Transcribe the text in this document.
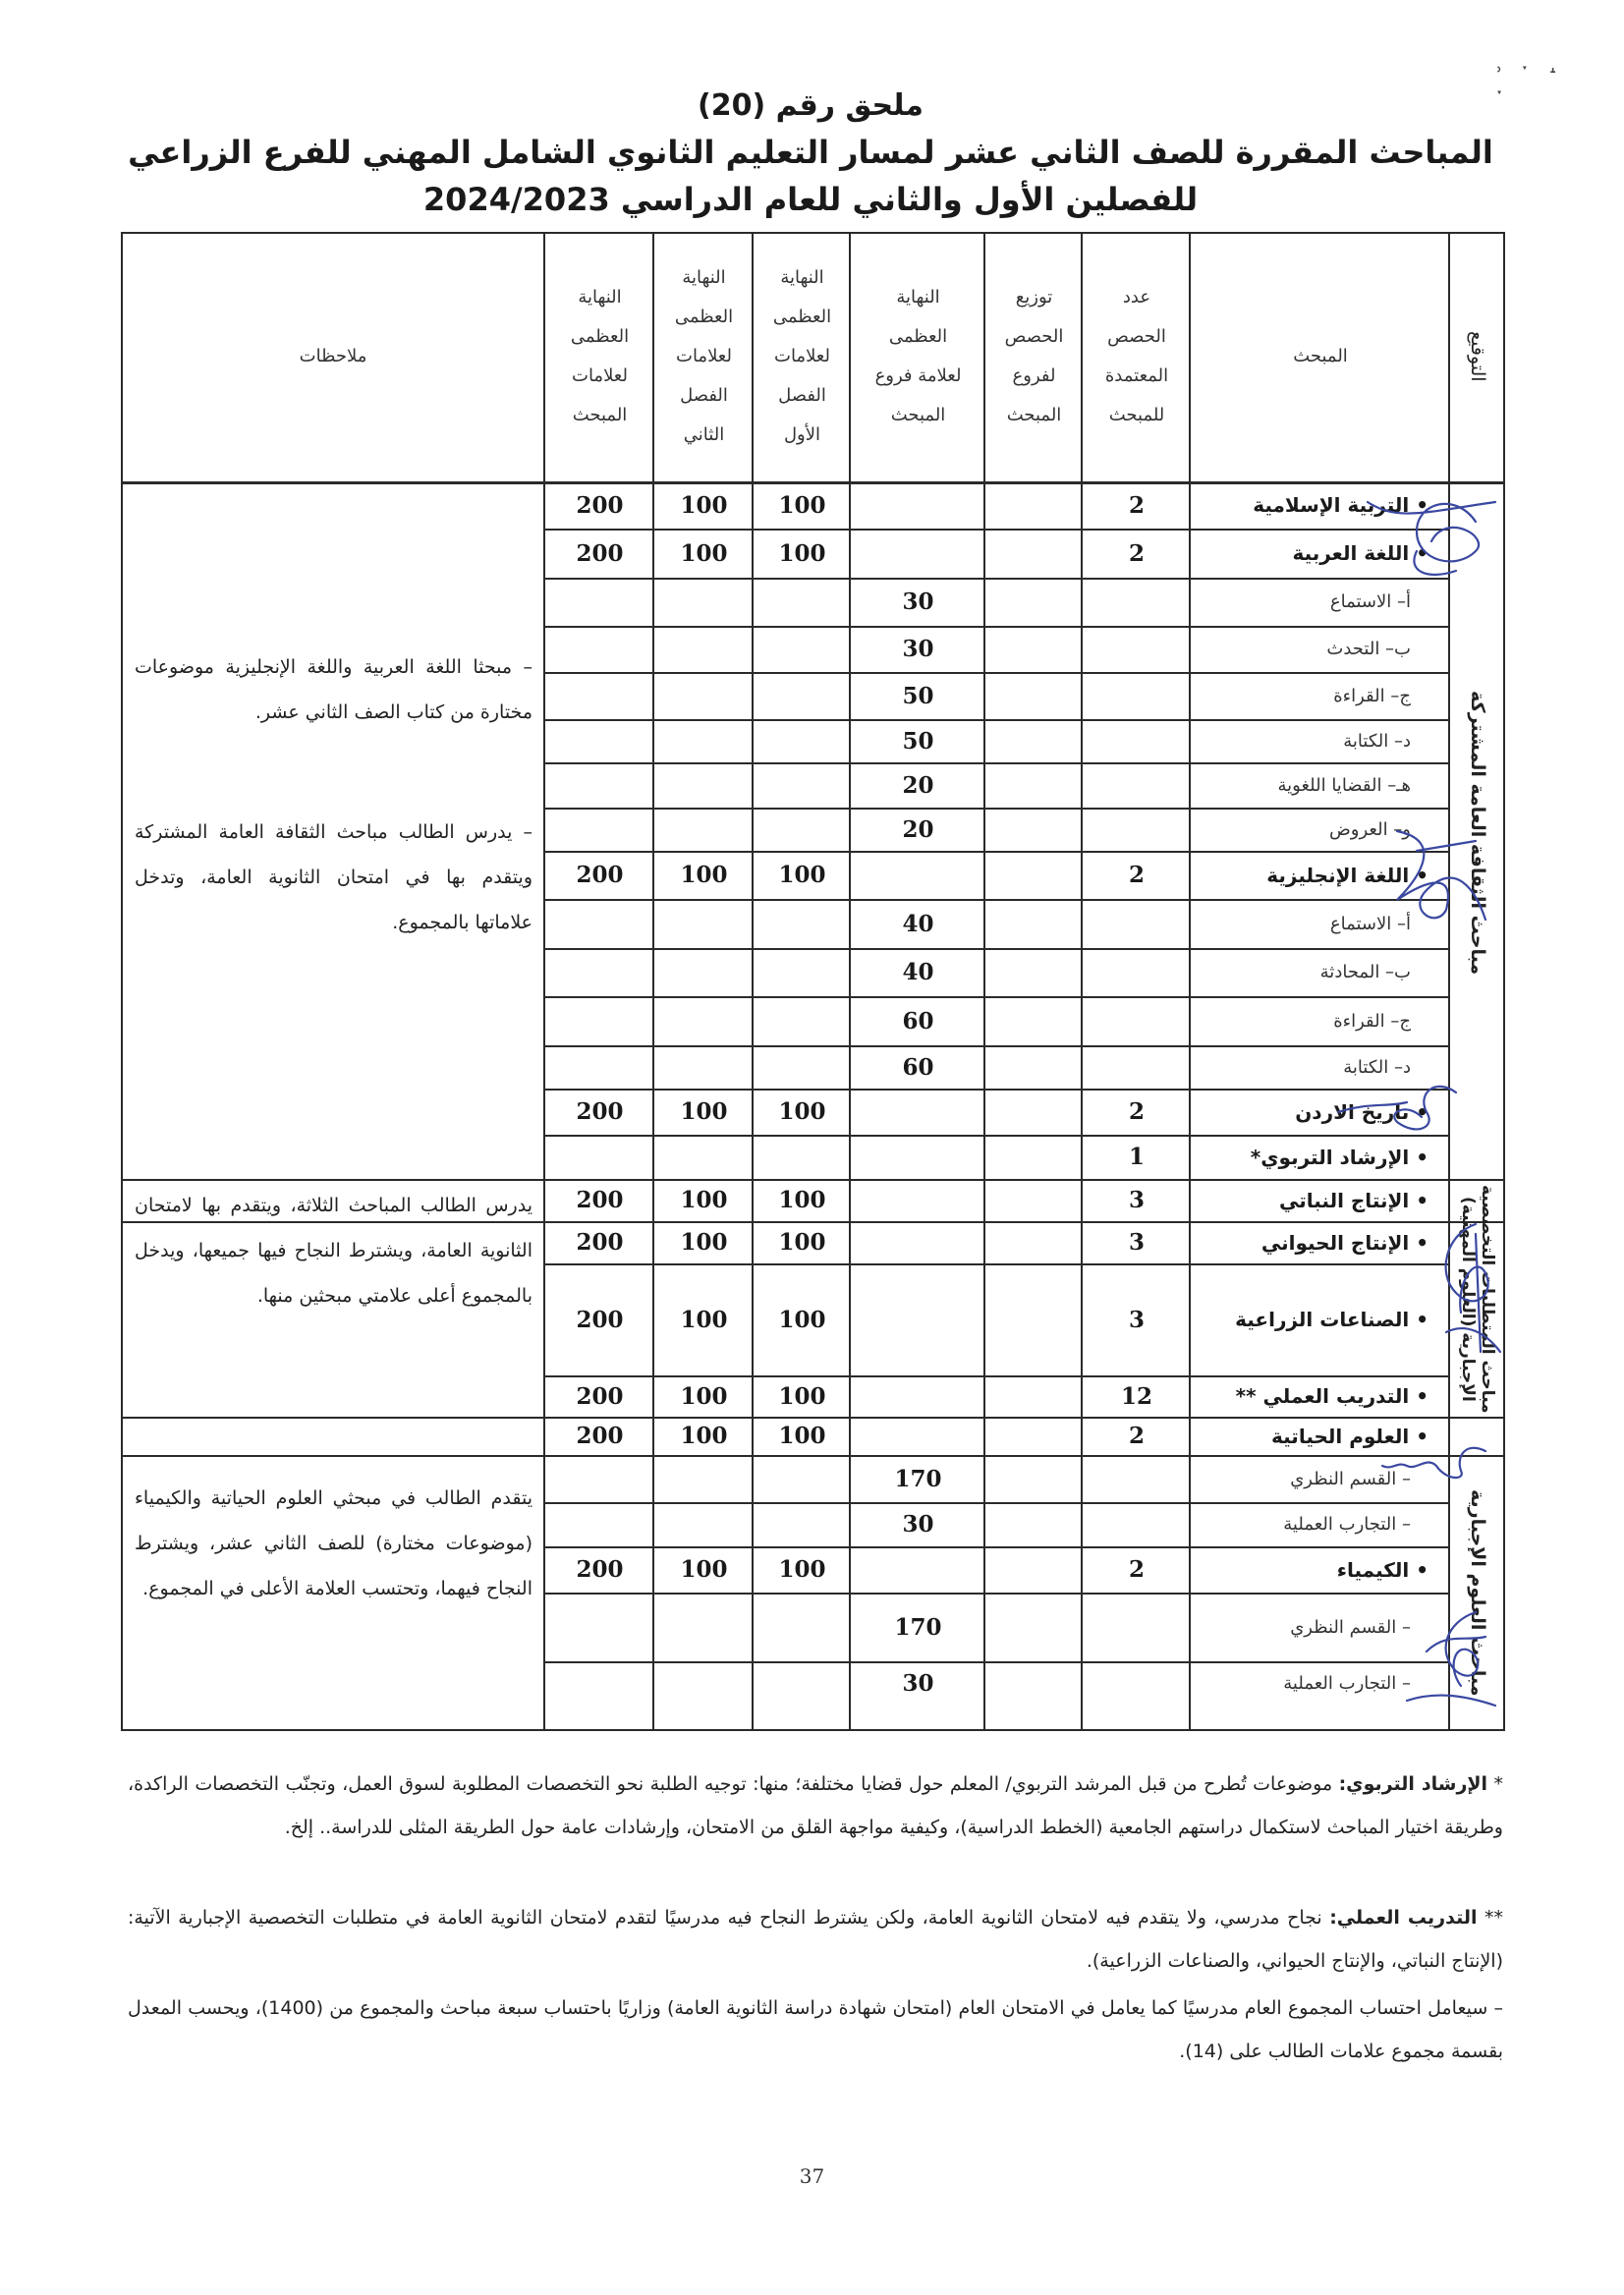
ملحق رقم (20)
المباحث المقررة للصف الثاني عشر لمسار التعليم الثانوي الشامل المهني للفرع الزراعي
للفصلين الأول والثاني للعام الدراسي 2024/2023
˒ ˑ ˔ ˑ
التوقيع
المبحث
عدد
الحصص
المعتمدة
للمبحث
توزيع
الحصص
لفروع
المبحث
النهاية
العظمى
لعلامة فروع
المبحث
النهاية
العظمى
لعلامات
الفصل
الأول
النهاية
العظمى
لعلامات
الفصل
الثاني
النهاية
العظمى
لعلامات
المبحث
ملاحظات
• التربية الإسلامية
2
100
100
200
• اللغة العربية
2
100
100
200
أ– الاستماع
30
ب– التحدث
30
ج– القراءة
50
د– الكتابة
50
هـ– القضايا اللغوية
20
و– العروض
20
• اللغة الإنجليزية
2
100
100
200
أ– الاستماع
40
ب– المحادثة
40
ج– القراءة
60
د– الكتابة
60
• تاريخ الاردن
2
100
100
200
• الإرشاد التربوي*
1
• الإنتاج النباتي
3
100
100
200
• الإنتاج الحيواني
3
100
100
200
• الصناعات الزراعية
3
100
100
200
• التدريب العملي **
12
100
100
200
• العلوم الحياتية
2
100
100
200
– القسم النظري
170
– التجارب العملية
30
• الكيمياء
2
100
100
200
– القسم النظري
170
– التجارب العملية
30
مباحث الثقافة العامة المشتركة
مباحث المتطلبات التخصصية الإجبارية (العلوم المهنية)
مباحث العلوم الإجبارية
– مبحثا اللغة العربية واللغة الإنجليزية موضوعات مختارة من كتاب الصف الثاني عشر.
– يدرس الطالب مباحث الثقافة العامة المشتركة ويتقدم بها في امتحان الثانوية العامة، وتدخل علاماتها بالمجموع.
يدرس الطالب المباحث الثلاثة، ويتقدم بها لامتحان الثانوية العامة، ويشترط النجاح فيها جميعها، ويدخل بالمجموع أعلى علامتي مبحثين منها.
يتقدم الطالب في مبحثي العلوم الحياتية والكيمياء (موضوعات مختارة) للصف الثاني عشر، ويشترط النجاح فيهما، وتحتسب العلامة الأعلى في المجموع.
* الإرشاد التربوي: موضوعات تُطرح من قبل المرشد التربوي/ المعلم حول قضايا مختلفة؛ منها: توجيه الطلبة نحو التخصصات المطلوبة لسوق العمل، وتجنّب التخصصات الراكدة، وطريقة اختيار المباحث لاستكمال دراستهم الجامعية (الخطط الدراسية)، وكيفية مواجهة القلق من الامتحان، وإرشادات عامة حول الطريقة المثلى للدراسة.. إلخ.
** التدريب العملي: نجاح مدرسي، ولا يتقدم فيه لامتحان الثانوية العامة، ولكن يشترط النجاح فيه مدرسيًا لتقدم لامتحان الثانوية العامة في متطلبات التخصصية الإجبارية الآتية: (الإنتاج النباتي، والإنتاج الحيواني، والصناعات الزراعية).
– سيعامل احتساب المجموع العام مدرسيًا كما يعامل في الامتحان العام (امتحان شهادة دراسة الثانوية العامة) وزاريًا باحتساب سبعة مباحث والمجموع من (1400)، ويحسب المعدل بقسمة مجموع علامات الطالب على (14).
37
